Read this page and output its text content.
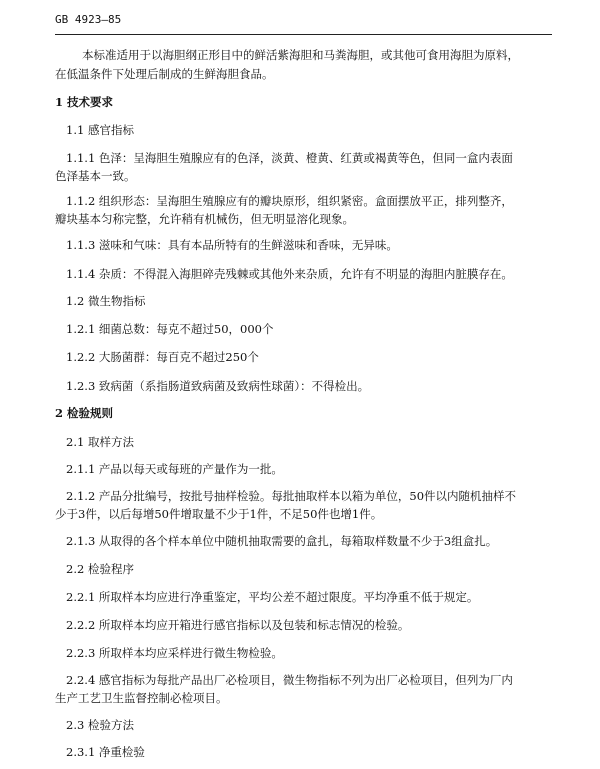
GB 4923—85
本标准适用于以海胆纲正形目中的鲜活紫海胆和马粪海胆，或其他可食用海胆为原料，
在低温条件下处理后制成的生鲜海胆食品。
1 技术要求
1.1 感官指标
1.1.1 色泽：呈海胆生殖腺应有的色泽，淡黄、橙黄、红黄或褐黄等色，但同一盒内表面
色泽基本一致。
1.1.2 组织形态：呈海胆生殖腺应有的瓣块原形，组织紧密。盒面摆放平正，排列整齐，
瓣块基本匀称完整，允许稍有机械伤，但无明显溶化现象。
1.1.3 滋味和气味：具有本品所特有的生鲜滋味和香味，无异味。
1.1.4 杂质：不得混入海胆碎壳残棘或其他外来杂质，允许有不明显的海胆内脏膜存在。
1.2 微生物指标
1.2.1 细菌总数：每克不超过50，000个
1.2.2 大肠菌群：每百克不超过250个
1.2.3 致病菌（系指肠道致病菌及致病性球菌）：不得检出。
2 检验规则
2.1 取样方法
2.1.1 产品以每天或每班的产量作为一批。
2.1.2 产品分批编号，按批号抽样检验。每批抽取样本以箱为单位，50件以内随机抽样不
少于3件，以后每增50件增取量不少于1件，不足50件也增1件。
2.1.3 从取得的各个样本单位中随机抽取需要的盒扎，每箱取样数量不少于3组盒扎。
2.2 检验程序
2.2.1 所取样本均应进行净重鉴定，平均公差不超过限度。平均净重不低于规定。
2.2.2 所取样本均应开箱进行感官指标以及包装和标志情况的检验。
2.2.3 所取样本均应采样进行微生物检验。
2.2.4 感官指标为每批产品出厂必检项目，微生物指标不列为出厂必检项目，但列为厂内
生产工艺卫生监督控制必检项目。
2.3 检验方法
2.3.1 净重检验
